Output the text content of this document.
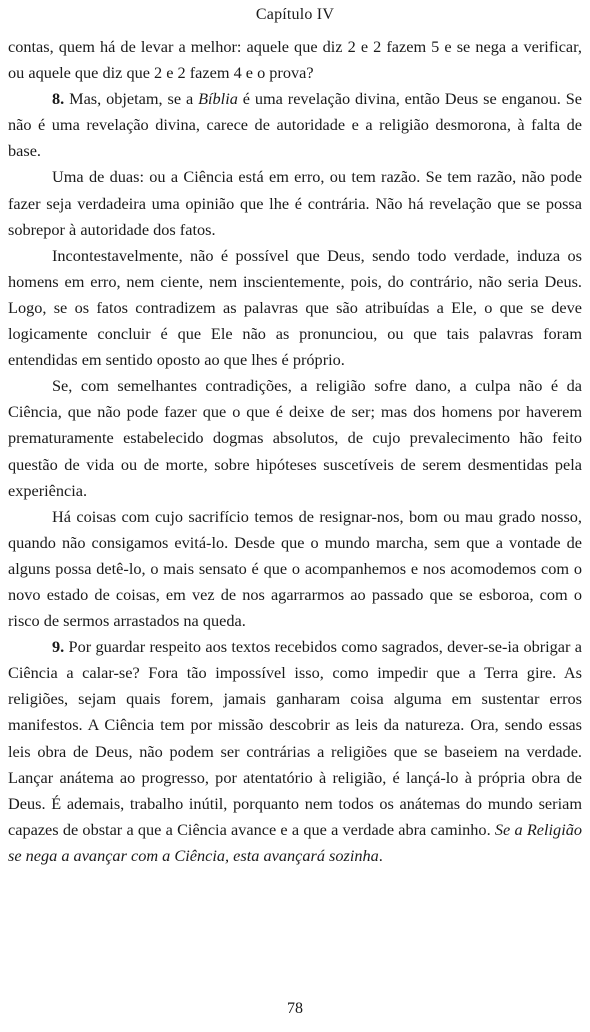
Capítulo IV

contas, quem há de levar a melhor: aquele que diz 2 e 2 fazem 5 e se nega a verificar, ou aquele que diz que 2 e 2 fazem 4 e o prova?

8. Mas, objetam, se a Bíblia é uma revelação divina, então Deus se enganou. Se não é uma revelação divina, carece de autoridade e a religião desmorona, à falta de base.

Uma de duas: ou a Ciência está em erro, ou tem razão. Se tem razão, não pode fazer seja verdadeira uma opinião que lhe é contrária. Não há revelação que se possa sobrepor à autoridade dos fatos.

Incontestavelmente, não é possível que Deus, sendo todo verdade, induza os homens em erro, nem ciente, nem inscientemente, pois, do contrário, não seria Deus. Logo, se os fatos contradizem as palavras que são atribuídas a Ele, o que se deve logicamente concluir é que Ele não as pronunciou, ou que tais palavras foram entendidas em sentido oposto ao que lhes é próprio.

Se, com semelhantes contradições, a religião sofre dano, a culpa não é da Ciência, que não pode fazer que o que é deixe de ser; mas dos homens por haverem prematuramente estabelecido dogmas absolutos, de cujo prevalecimento hão feito questão de vida ou de morte, sobre hipóteses suscetíveis de serem desmentidas pela experiência.

Há coisas com cujo sacrifício temos de resignar-nos, bom ou mau grado nosso, quando não consigamos evitá-lo. Desde que o mundo marcha, sem que a vontade de alguns possa detê-lo, o mais sensato é que o acompanhemos e nos acomodemos com o novo estado de coisas, em vez de nos agarrarmos ao passado que se esboroa, com o risco de sermos arrastados na queda.

9. Por guardar respeito aos textos recebidos como sagrados, dever-se-ia obrigar a Ciência a calar-se? Fora tão impossível isso, como impedir que a Terra gire. As religiões, sejam quais forem, jamais ganharam coisa alguma em sustentar erros manifestos. A Ciência tem por missão descobrir as leis da natureza. Ora, sendo essas leis obra de Deus, não podem ser contrárias a religiões que se baseiem na verdade. Lançar anátema ao progresso, por atentatório à religião, é lançá-lo à própria obra de Deus. É ademais, trabalho inútil, porquanto nem todos os anátemas do mundo seriam capazes de obstar a que a Ciência avance e a que a verdade abra caminho. Se a Religião se nega a avançar com a Ciência, esta avançará sozinha.

78
